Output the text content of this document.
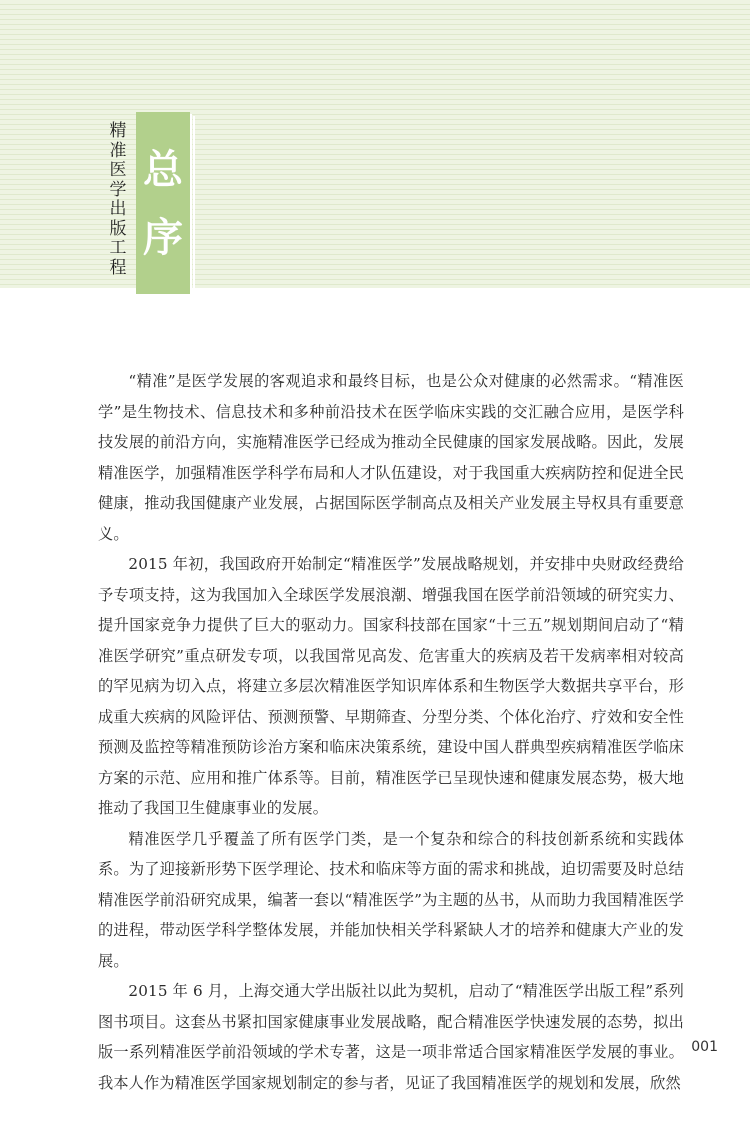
精准医学出版工程
总
序

“精准”是医学发展的客观追求和最终目标，也是公众对健康的必然需求。“精准医学”是生物技术、信息技术和多种前沿技术在医学临床实践的交汇融合应用，是医学科技发展的前沿方向，实施精准医学已经成为推动全民健康的国家发展战略。因此，发展精准医学，加强精准医学科学布局和人才队伍建设，对于我国重大疾病防控和促进全民健康，推动我国健康产业发展，占据国际医学制高点及相关产业发展主导权具有重要意义。

2015 年初，我国政府开始制定“精准医学”发展战略规划，并安排中央财政经费给予专项支持，这为我国加入全球医学发展浪潮、增强我国在医学前沿领域的研究实力、提升国家竞争力提供了巨大的驱动力。国家科技部在国家“十三五”规划期间启动了“精准医学研究”重点研发专项，以我国常见高发、危害重大的疾病及若干发病率相对较高的罕见病为切入点，将建立多层次精准医学知识库体系和生物医学大数据共享平台，形成重大疾病的风险评估、预测预警、早期筛查、分型分类、个体化治疗、疗效和安全性预测及监控等精准预防诊治方案和临床决策系统，建设中国人群典型疾病精准医学临床方案的示范、应用和推广体系等。目前，精准医学已呈现快速和健康发展态势，极大地推动了我国卫生健康事业的发展。

精准医学几乎覆盖了所有医学门类，是一个复杂和综合的科技创新系统和实践体系。为了迎接新形势下医学理论、技术和临床等方面的需求和挑战，迫切需要及时总结精准医学前沿研究成果，编著一套以“精准医学”为主题的丛书，从而助力我国精准医学的进程，带动医学科学整体发展，并能加快相关学科紧缺人才的培养和健康大产业的发展。

2015 年 6 月，上海交通大学出版社以此为契机，启动了“精准医学出版工程”系列图书项目。这套丛书紧扣国家健康事业发展战略，配合精准医学快速发展的态势，拟出版一系列精准医学前沿领域的学术专著，这是一项非常适合国家精准医学发展的事业。我本人作为精准医学国家规划制定的参与者，见证了我国精准医学的规划和发展，欣然

001
